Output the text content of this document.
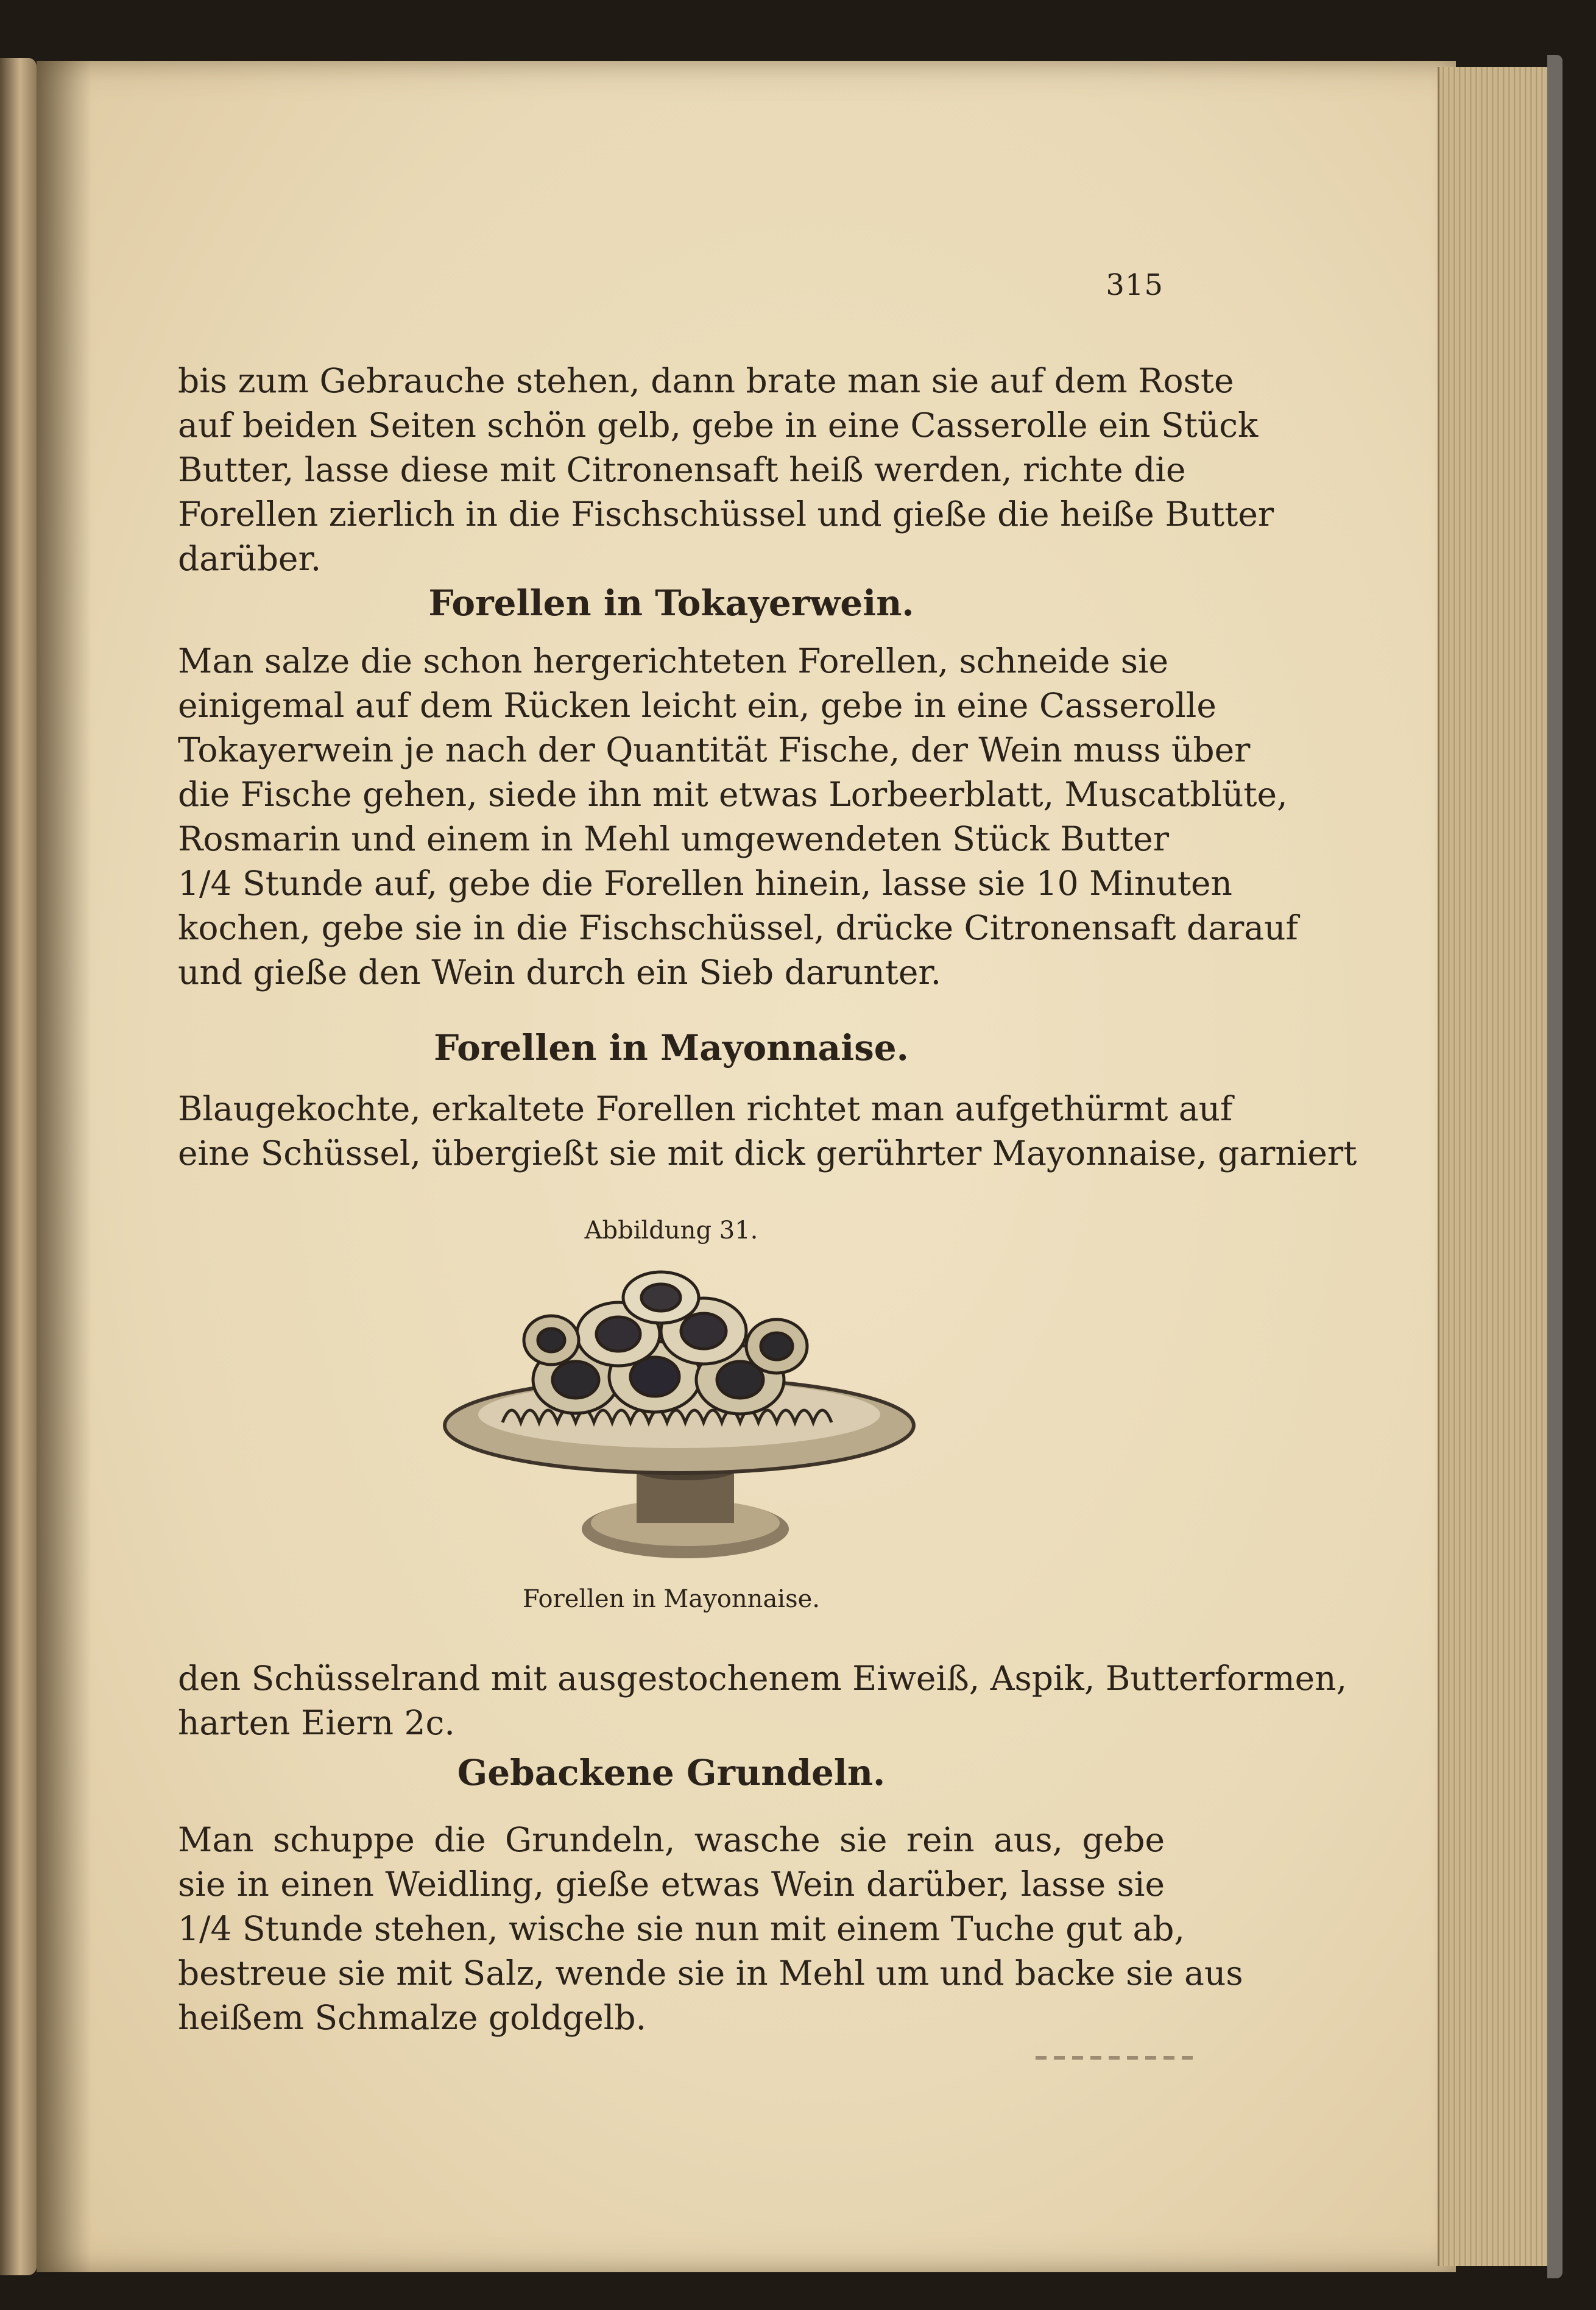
315
bis zum Gebrauche stehen, dann brate man sie auf dem Roste
auf beiden Seiten schön gelb, gebe in eine Casserolle ein Stück
Butter, lasse diese mit Citronensaft heiß werden, richte die
Forellen zierlich in die Fischschüssel und gieße die heiße Butter
darüber.
Forellen in Tokayerwein.
Man salze die schon hergerichteten Forellen, schneide sie
einigemal auf dem Rücken leicht ein, gebe in eine Casserolle
Tokayerwein je nach der Quantität Fische, der Wein muss über
die Fische gehen, siede ihn mit etwas Lorbeerblatt, Muscatblüte,
Rosmarin und einem in Mehl umgewendeten Stück Butter
1/4 Stunde auf, gebe die Forellen hinein, lasse sie 10 Minuten
kochen, gebe sie in die Fischschüssel, drücke Citronensaft darauf
und gieße den Wein durch ein Sieb darunter.
Forellen in Mayonnaise.
Blaugekochte, erkaltete Forellen richtet man aufgethürmt auf
eine Schüssel, übergießt sie mit dick gerührter Mayonnaise, garniert
Abbildung 31.
Forellen in Mayonnaise.
den Schüsselrand mit ausgestochenem Eiweiß, Aspik, Butterformen,
harten Eiern 2c.
Gebackene Grundeln.
Man schuppe die Grundeln, wasche sie rein aus, gebe
sie in einen Weidling, gieße etwas Wein darüber, lasse sie
1/4 Stunde stehen, wische sie nun mit einem Tuche gut ab,
bestreue sie mit Salz, wende sie in Mehl um und backe sie aus
heißem Schmalze goldgelb.
